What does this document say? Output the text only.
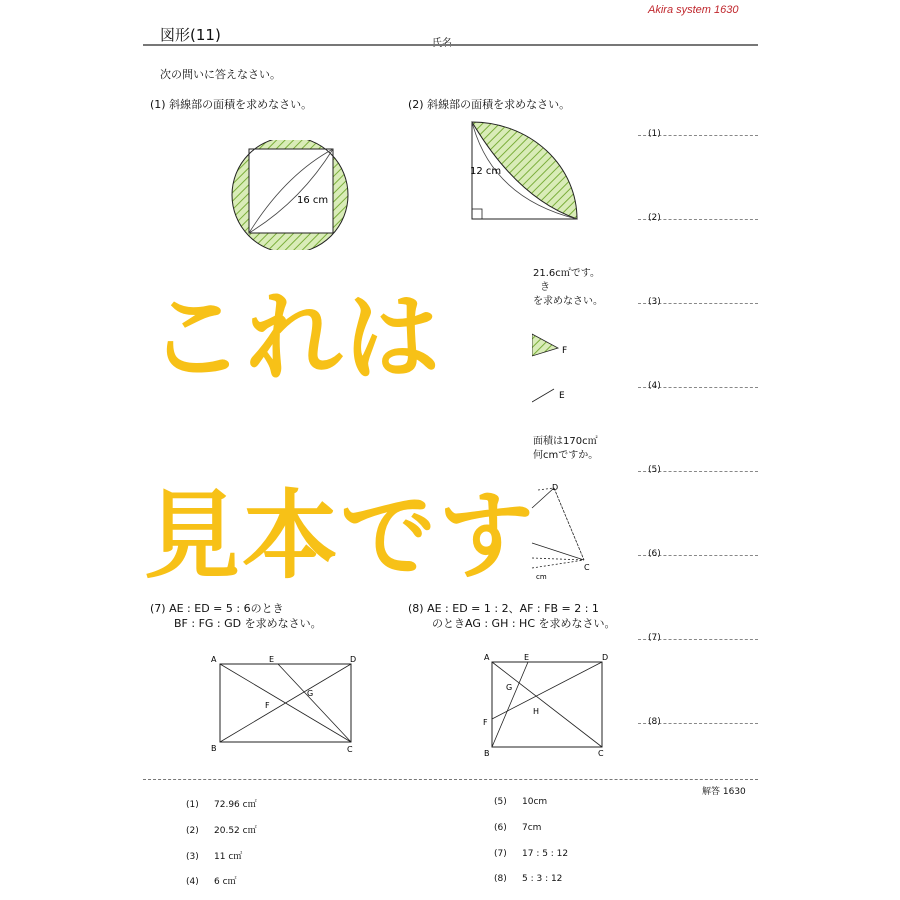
Akira system 1630
図形(11)
次の問いに答えなさい。
(1) 斜線部の面積を求めなさい。	(2) 斜線部の面積を求めなさい。
16 cm
12 cm
21.6c㎡です。
き
を求めなさい。
F
E
面積は170c㎡
何cmですか。
D
C
cm
(1)
(2)
(3)
(4)
(5)
(6)
(7)
(8)
(7) AE : ED = 5 : 6のとき
BF : FG : GD を求めなさい。
(8) AE : ED = 1 : 2、AF : FB = 2 : 1
のときAG : GH : HC を求めなさい。
A	E	D
G
F
B	C
A	E	D
G
H
F
B	C
解答 1630
(1) 72.96 c㎡
(2) 20.52 c㎡
(3) 11 c㎡
(4) 6 c㎡
(5) 10cm
(6) 7cm
(7) 17 : 5 : 12
(8) 5 : 3 : 12
これは
見本です
